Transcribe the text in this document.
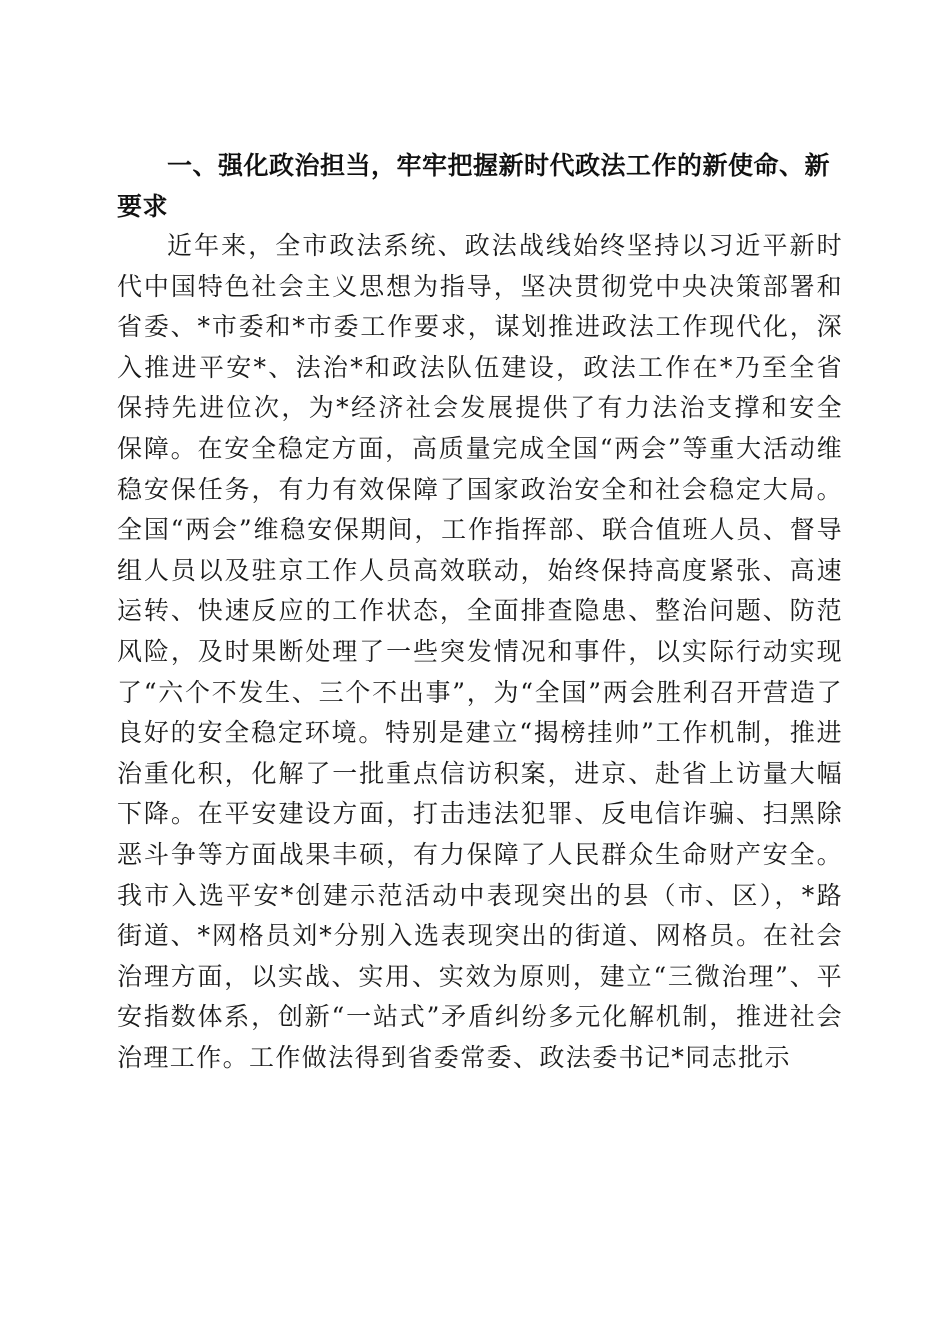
一、强化政治担当，牢牢把握新时代政法工作的新使命、新要求

近年来，全市政法系统、政法战线始终坚持以习近平新时代中国特色社会主义思想为指导，坚决贯彻党中央决策部署和省委、*市委和*市委工作要求，谋划推进政法工作现代化，深入推进平安*、法治*和政法队伍建设，政法工作在*乃至全省保持先进位次，为*经济社会发展提供了有力法治支撑和安全保障。在安全稳定方面，高质量完成全国“两会”等重大活动维稳安保任务，有力有效保障了国家政治安全和社会稳定大局。全国“两会”维稳安保期间，工作指挥部、联合值班人员、督导组人员以及驻京工作人员高效联动，始终保持高度紧张、高速运转、快速反应的工作状态，全面排查隐患、整治问题、防范风险，及时果断处理了一些突发情况和事件，以实际行动实现了“六个不发生、三个不出事”，为“全国”两会胜利召开营造了良好的安全稳定环境。特别是建立“揭榜挂帅”工作机制，推进治重化积，化解了一批重点信访积案，进京、赴省上访量大幅下降。在平安建设方面，打击违法犯罪、反电信诈骗、扫黑除恶斗争等方面战果丰硕，有力保障了人民群众生命财产安全。我市入选平安*创建示范活动中表现突出的县（市、区），*路街道、*网格员刘*分别入选表现突出的街道、网格员。在社会治理方面，以实战、实用、实效为原则，建立“三微治理”、平安指数体系，创新“一站式”矛盾纠纷多元化解机制，推进社会治理工作。工作做法得到省委常委、政法委书记*同志批示
